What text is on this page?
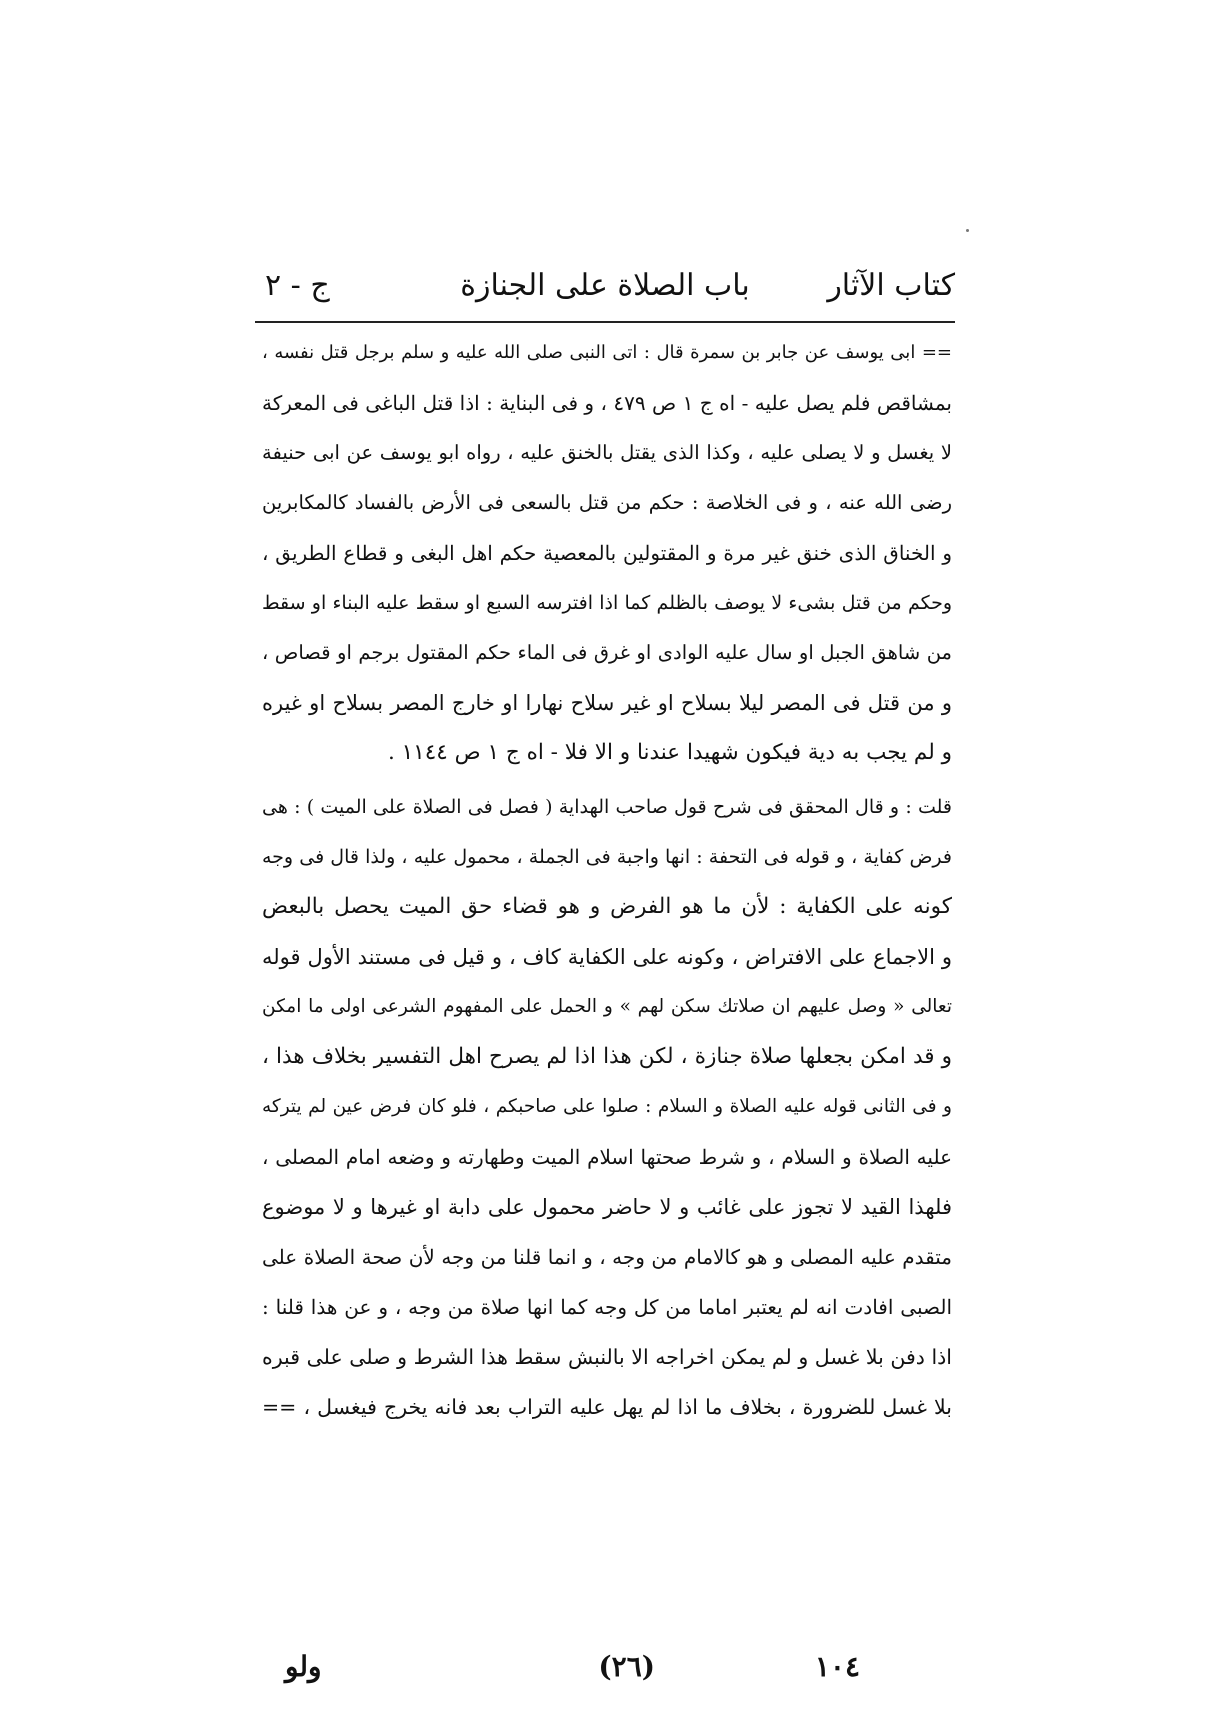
كتاب الآثار
باب الصلاة على الجنازة
ج - ٢
== ابى يوسف عن جابر بن سمرة قال : اتى النبى صلى الله عليه و سلم برجل قتل نفسه ،
بمشاقص فلم يصل عليه - اه ج ١ ص ٤٧٩ ، و فى البناية : اذا قتل الباغى فى المعركة
لا يغسل و لا يصلى عليه ، وكذا الذى يقتل بالخنق عليه ، رواه ابو يوسف عن ابى حنيفة
رضى الله عنه ، و فى الخلاصة : حكم من قتل بالسعى فى الأرض بالفساد كالمكابرين
و الخناق الذى خنق غير مرة و المقتولين بالمعصية حكم اهل البغى و قطاع الطريق ،
وحكم من قتل بشىء لا يوصف بالظلم كما اذا افترسه السبع او سقط عليه البناء او سقط
من شاهق الجبل او سال عليه الوادى او غرق فى الماء حكم المقتول برجم او قصاص ،
و من قتل فى المصر ليلا بسلاح او غير سلاح نهارا او خارج المصر بسلاح او غيره
و لم يجب به دية فيكون شهيدا عندنا و الا فلا - اه ج ١ ص ١١٤٤ .
قلت : و قال المحقق فى شرح قول صاحب الهداية ( فصل فى الصلاة على الميت ) : هى
فرض كفاية ، و قوله فى التحفة : انها واجبة فى الجملة ، محمول عليه ، ولذا قال فى وجه
كونه على الكفاية : لأن ما هو الفرض و هو قضاء حق الميت يحصل بالبعض
و الاجماع على الافتراض ، وكونه على الكفاية كاف ، و قيل فى مستند الأول قوله
تعالى « وصل عليهم ان صلاتك سكن لهم » و الحمل على المفهوم الشرعى اولى ما امكن
و قد امكن بجعلها صلاة جنازة ، لكن هذا اذا لم يصرح اهل التفسير بخلاف هذا ،
و فى الثانى قوله عليه الصلاة و السلام : صلوا على صاحبكم ، فلو كان فرض عين لم يتركه
عليه الصلاة و السلام ، و شرط صحتها اسلام الميت وطهارته و وضعه امام المصلى ،
فلهذا القيد لا تجوز على غائب و لا حاضر محمول على دابة او غيرها و لا موضوع
متقدم عليه المصلى و هو كالامام من وجه ، و انما قلنا من وجه لأن صحة الصلاة على
الصبى افادت انه لم يعتبر اماما من كل وجه كما انها صلاة من وجه ، و عن هذا قلنا :
اذا دفن بلا غسل و لم يمكن اخراجه الا بالنبش سقط هذا الشرط و صلى على قبره
بلا غسل للضرورة ، بخلاف ما اذا لم يهل عليه التراب بعد فانه يخرج فيغسل ، ==
١٠٤
(٢٦)
ولو
